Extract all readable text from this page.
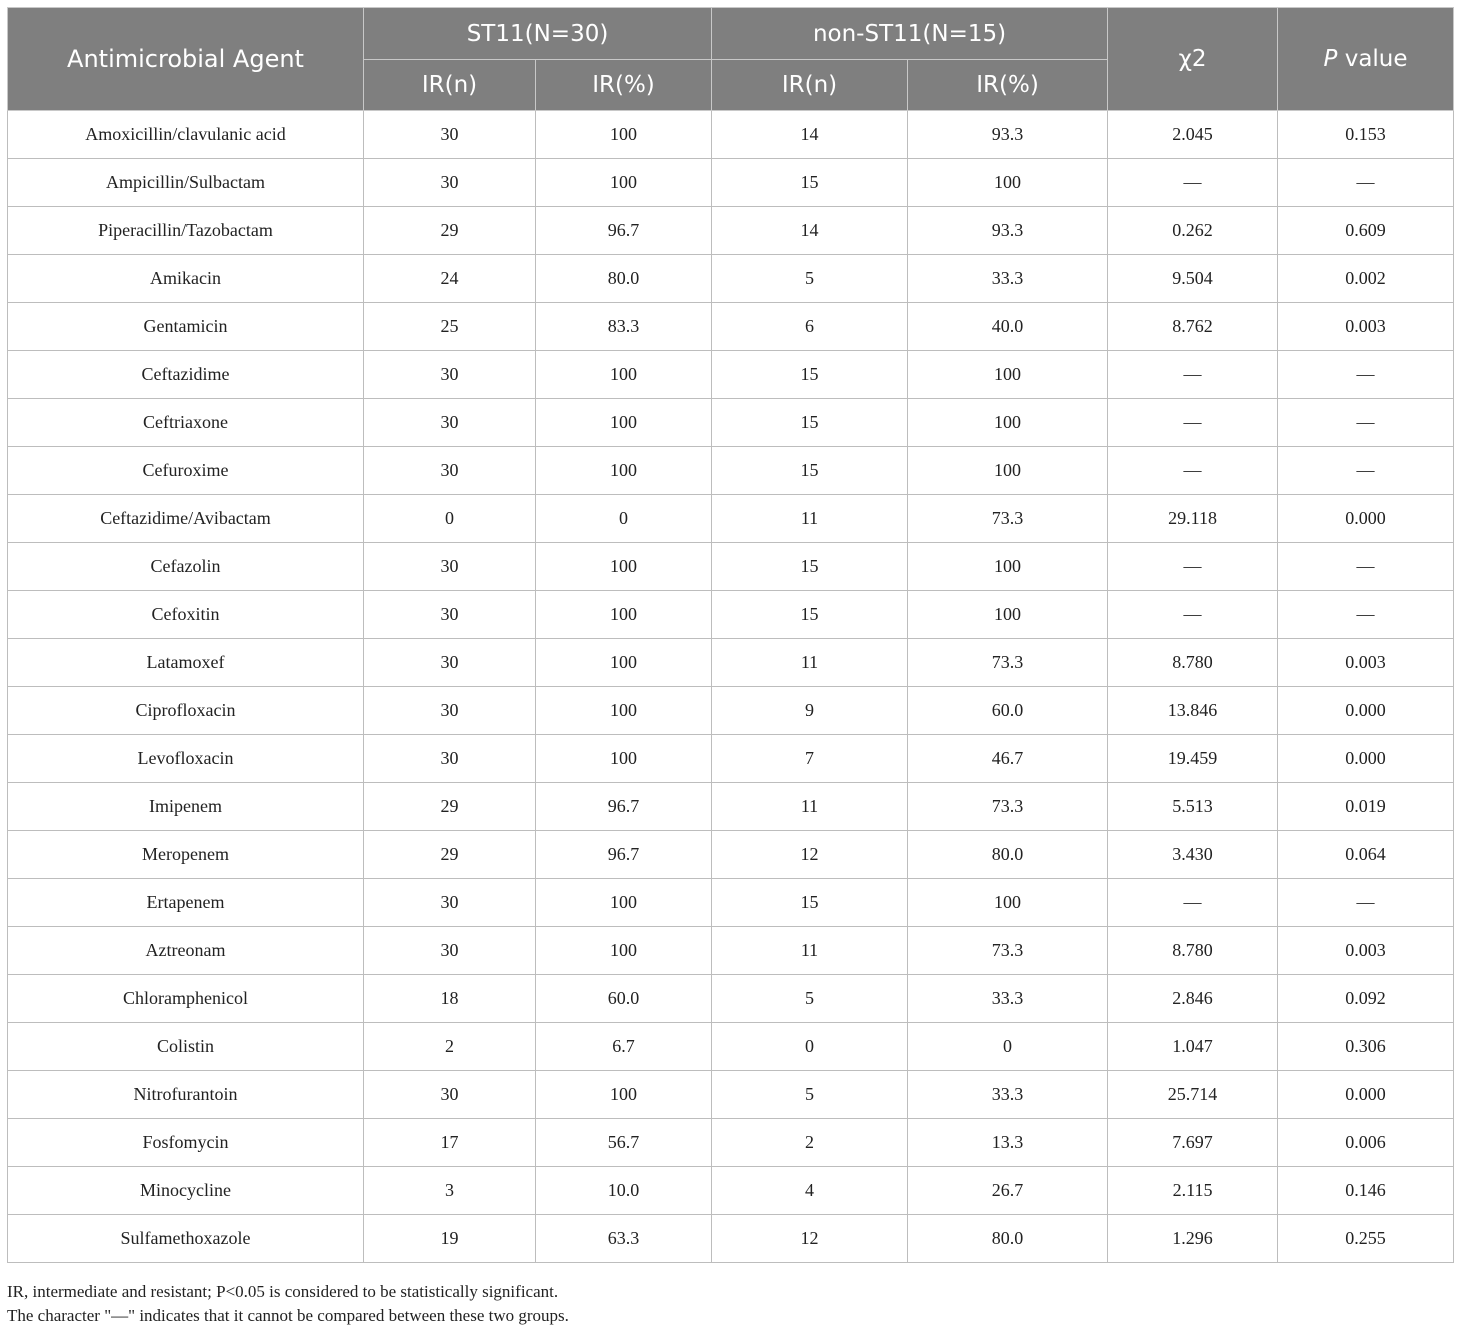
Antimicrobial Agent	ST11(N=30)		non-ST11(N=15)		χ2	P value
	IR(n)	IR(%)	IR(n)	IR(%)		
Amoxicillin/clavulanic acid	30	100	14	93.3	2.045	0.153
Ampicillin/Sulbactam	30	100	15	100	—	—
Piperacillin/Tazobactam	29	96.7	14	93.3	0.262	0.609
Amikacin	24	80.0	5	33.3	9.504	0.002
Gentamicin	25	83.3	6	40.0	8.762	0.003
Ceftazidime	30	100	15	100	—	—
Ceftriaxone	30	100	15	100	—	—
Cefuroxime	30	100	15	100	—	—
Ceftazidime/Avibactam	0	0	11	73.3	29.118	0.000
Cefazolin	30	100	15	100	—	—
Cefoxitin	30	100	15	100	—	—
Latamoxef	30	100	11	73.3	8.780	0.003
Ciprofloxacin	30	100	9	60.0	13.846	0.000
Levofloxacin	30	100	7	46.7	19.459	0.000
Imipenem	29	96.7	11	73.3	5.513	0.019
Meropenem	29	96.7	12	80.0	3.430	0.064
Ertapenem	30	100	15	100	—	—
Aztreonam	30	100	11	73.3	8.780	0.003
Chloramphenicol	18	60.0	5	33.3	2.846	0.092
Colistin	2	6.7	0	0	1.047	0.306
Nitrofurantoin	30	100	5	33.3	25.714	0.000
Fosfomycin	17	56.7	2	13.3	7.697	0.006
Minocycline	3	10.0	4	26.7	2.115	0.146
Sulfamethoxazole	19	63.3	12	80.0	1.296	0.255

IR, intermediate and resistant; P<0.05 is considered to be statistically significant.

The character "—" indicates that it cannot be compared between these two groups.
